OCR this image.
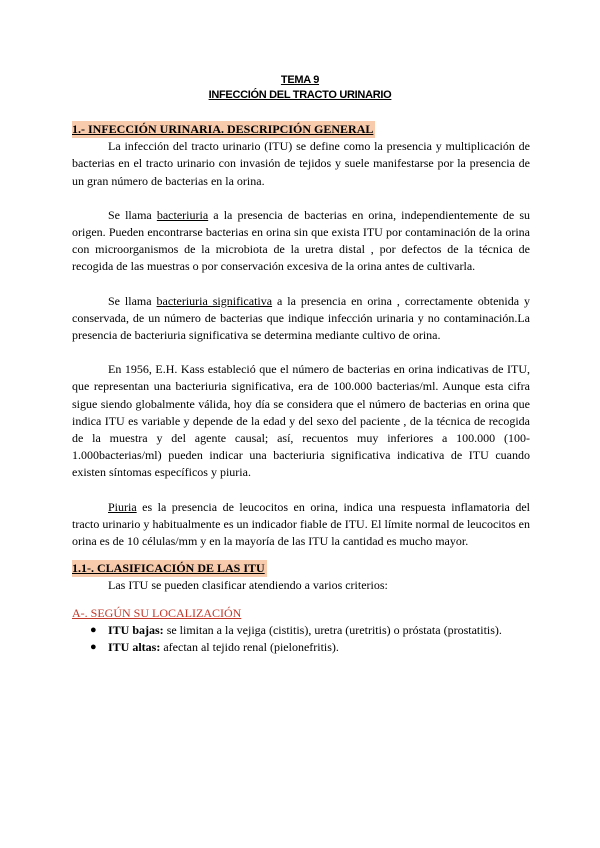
TEMA 9
INFECCIÓN DEL TRACTO URINARIO
1.- INFECCIÓN URINARIA. DESCRIPCIÓN GENERAL

La infección del tracto urinario (ITU) se define como la presencia y multiplicación de bacterias en el tracto urinario con invasión de tejidos y suele manifestarse por la presencia de un gran número de bacterias en la orina.

Se llama bacteriuria a la presencia de bacterias en orina, independientemente de su origen. Pueden encontrarse bacterias en orina sin que exista ITU por contaminación de la orina con microorganismos de la microbiota de la uretra distal , por defectos de la técnica de recogida de las muestras o por conservación excesiva de la orina antes de cultivarla.

Se llama bacteriuria significativa a la presencia en orina , correctamente obtenida y conservada, de un número de bacterias que indique infección urinaria y no contaminación.La presencia de bacteriuria significativa se determina mediante cultivo de orina.

En 1956, E.H. Kass estableció que el número de bacterias en orina indicativas de ITU, que representan una bacteriuria significativa, era de 100.000 bacterias/ml. Aunque esta cifra sigue siendo globalmente válida, hoy día se considera que el número de bacterias en orina que indica ITU es variable y depende de la edad y del sexo del paciente , de la técnica de recogida de la muestra y del agente causal; así, recuentos muy inferiores a 100.000 (100-1.000bacterias/ml) pueden indicar una bacteriuria significativa indicativa de ITU cuando existen síntomas específicos y piuria.

Piuria es la presencia de leucocitos en orina, indica una respuesta inflamatoria del tracto urinario y habitualmente es un indicador fiable de ITU. El límite normal de leucocitos en orina es de 10 células/mm y en la mayoría de las ITU la cantidad es mucho mayor.

1.1-. CLASIFICACIÓN DE LAS ITU

Las ITU se pueden clasificar atendiendo a varios criterios:

A-. SEGÚN SU LOCALIZACIÓN
● ITU bajas: se limitan a la vejiga (cistitis), uretra (uretritis) o próstata (prostatitis).
● ITU altas: afectan al tejido renal (pielonefritis).
